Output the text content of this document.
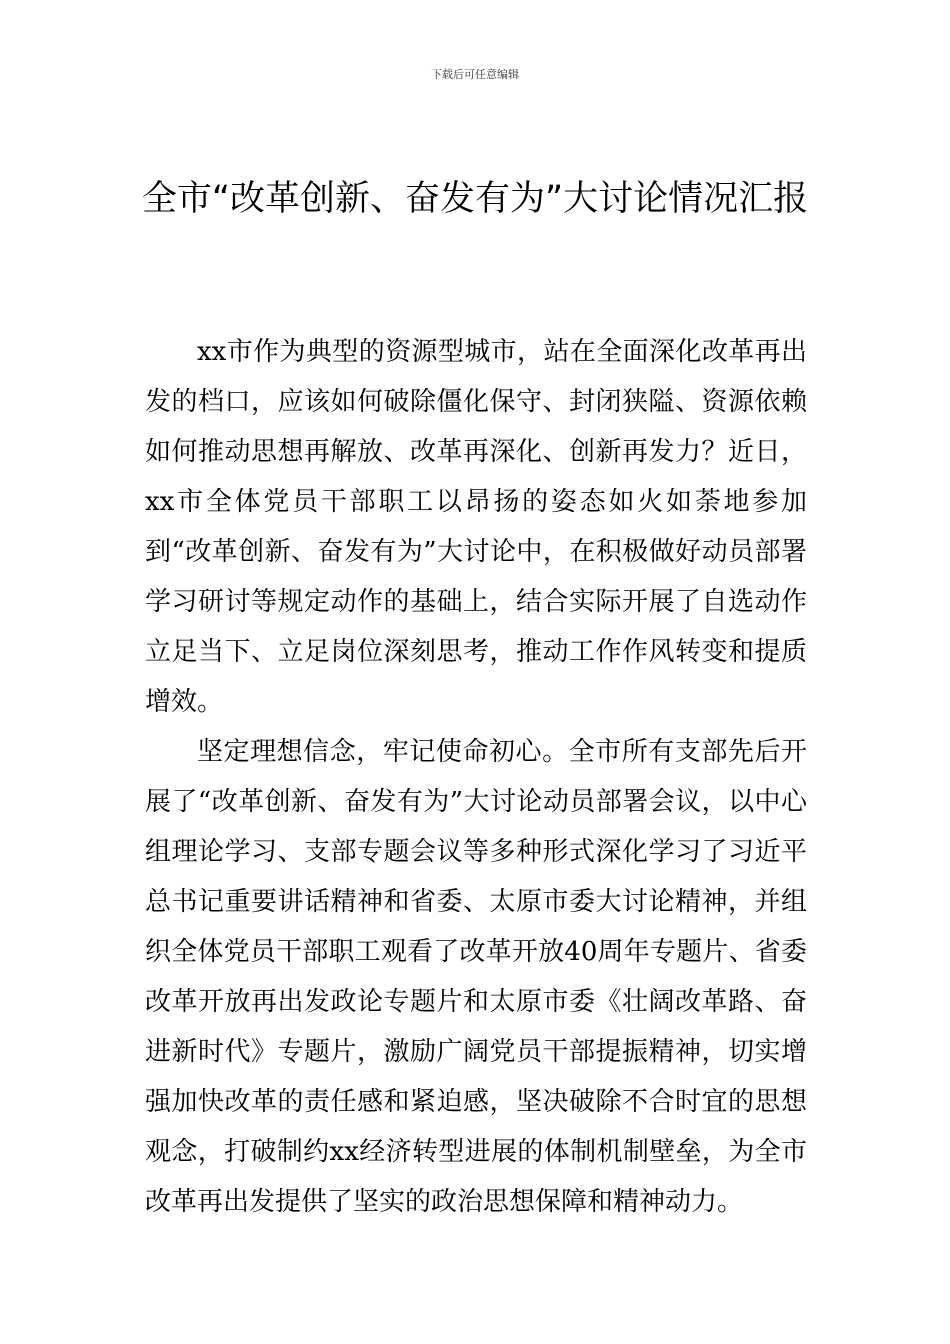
下载后可任意编辑
全市“改革创新、奋发有为”大讨论情况汇报

xx市作为典型的资源型城市，站在全面深化改革再出发的档口，应该如何破除僵化保守、封闭狭隘、资源依赖如何推动思想再解放、改革再深化、创新再发力？近日，xx市全体党员干部职工以昂扬的姿态如火如荼地参加到“改革创新、奋发有为”大讨论中，在积极做好动员部署学习研讨等规定动作的基础上，结合实际开展了自选动作立足当下、立足岗位深刻思考，推动工作作风转变和提质增效。

坚定理想信念，牢记使命初心。全市所有支部先后开展了“改革创新、奋发有为”大讨论动员部署会议，以中心组理论学习、支部专题会议等多种形式深化学习了习近平总书记重要讲话精神和省委、太原市委大讨论精神，并组织全体党员干部职工观看了改革开放40周年专题片、省委改革开放再出发政论专题片和太原市委《壮阔改革路、奋进新时代》专题片，激励广阔党员干部提振精神，切实增强加快改革的责任感和紧迫感，坚决破除不合时宜的思想观念，打破制约xx经济转型进展的体制机制壁垒，为全市改革再出发提供了坚实的政治思想保障和精神动力。
